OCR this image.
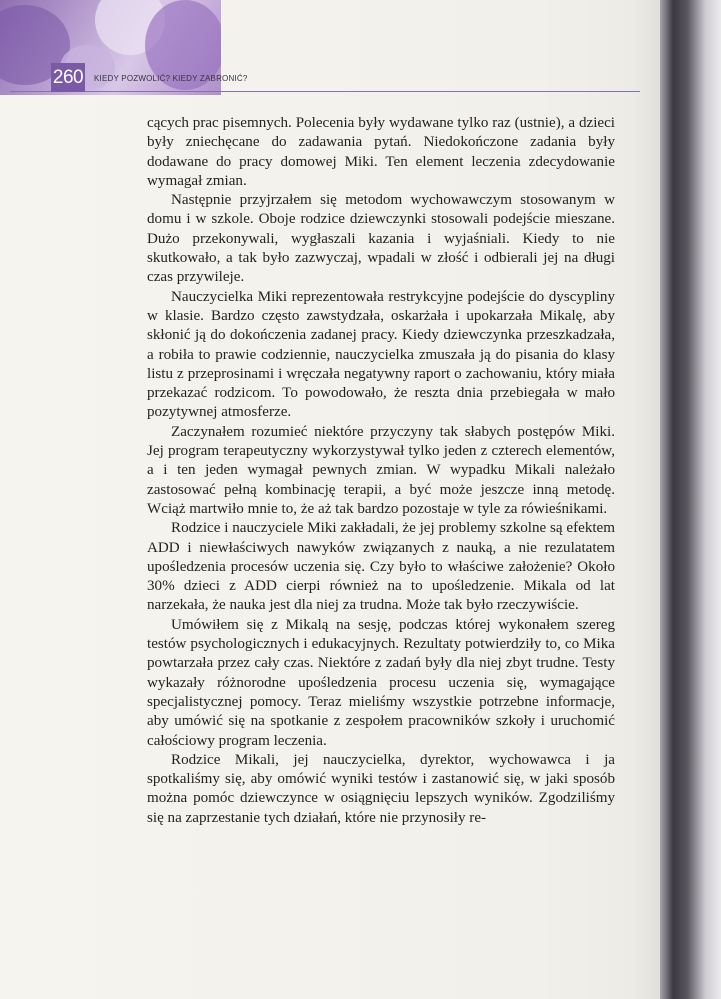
260 KIEDY POZWOLIĆ? KIEDY ZABRONIĆ?

cących prac pisemnych. Polecenia były wydawane tylko raz (ustnie), a dzieci były zniechęcane do zadawania pytań. Niedokończone zadania były dodawane do pracy domowej Miki. Ten element leczenia zdecydowanie wymagał zmian.

Następnie przyjrzałem się metodom wychowawczym stosowanym w domu i w szkole. Oboje rodzice dziewczynki stosowali podejście mieszane. Dużo przekonywali, wygłaszali kazania i wyjaśniali. Kiedy to nie skutkowało, a tak było zazwyczaj, wpadali w złość i odbierali jej na długi czas przywileje.

Nauczycielka Miki reprezentowała restrykcyjne podejście do dyscypliny w klasie. Bardzo często zawstydzała, oskarżała i upokarzała Mikalę, aby skłonić ją do dokończenia zadanej pracy. Kiedy dziewczynka przeszkadzała, a robiła to prawie codziennie, nauczycielka zmuszała ją do pisania do klasy listu z przeprosinami i wręczała negatywny raport o zachowaniu, który miała przekazać rodzicom. To powodowało, że reszta dnia przebiegała w mało pozytywnej atmosferze.

Zaczynałem rozumieć niektóre przyczyny tak słabych postępów Miki. Jej program terapeutyczny wykorzystywał tylko jeden z czterech elementów, a i ten jeden wymagał pewnych zmian. W wypadku Mikali należało zastosować pełną kombinację terapii, a być może jeszcze inną metodę. Wciąż martwiło mnie to, że aż tak bardzo pozostaje w tyle za rówieśnikami.

Rodzice i nauczyciele Miki zakładali, że jej problemy szkolne są efektem ADD i niewłaściwych nawyków związanych z nauką, a nie rezulatatem upośledzenia procesów uczenia się. Czy było to właściwe założenie? Około 30% dzieci z ADD cierpi również na to upośledzenie. Mikala od lat narzekała, że nauka jest dla niej za trudna. Może tak było rzeczywiście.

Umówiłem się z Mikalą na sesję, podczas której wykonałem szereg testów psychologicznych i edukacyjnych. Rezultaty potwierdziły to, co Mika powtarzała przez cały czas. Niektóre z zadań były dla niej zbyt trudne. Testy wykazały różnorodne upośledzenia procesu uczenia się, wymagające specjalistycznej pomocy. Teraz mieliśmy wszystkie potrzebne informacje, aby umówić się na spotkanie z zespołem pracowników szkoły i uruchomić całościowy program leczenia.

Rodzice Mikali, jej nauczycielka, dyrektor, wychowawca i ja spotkaliśmy się, aby omówić wyniki testów i zastanowić się, w jaki sposób można pomóc dziewczynce w osiągnięciu lepszych wyników. Zgodziliśmy się na zaprzestanie tych działań, które nie przynosiły re-
